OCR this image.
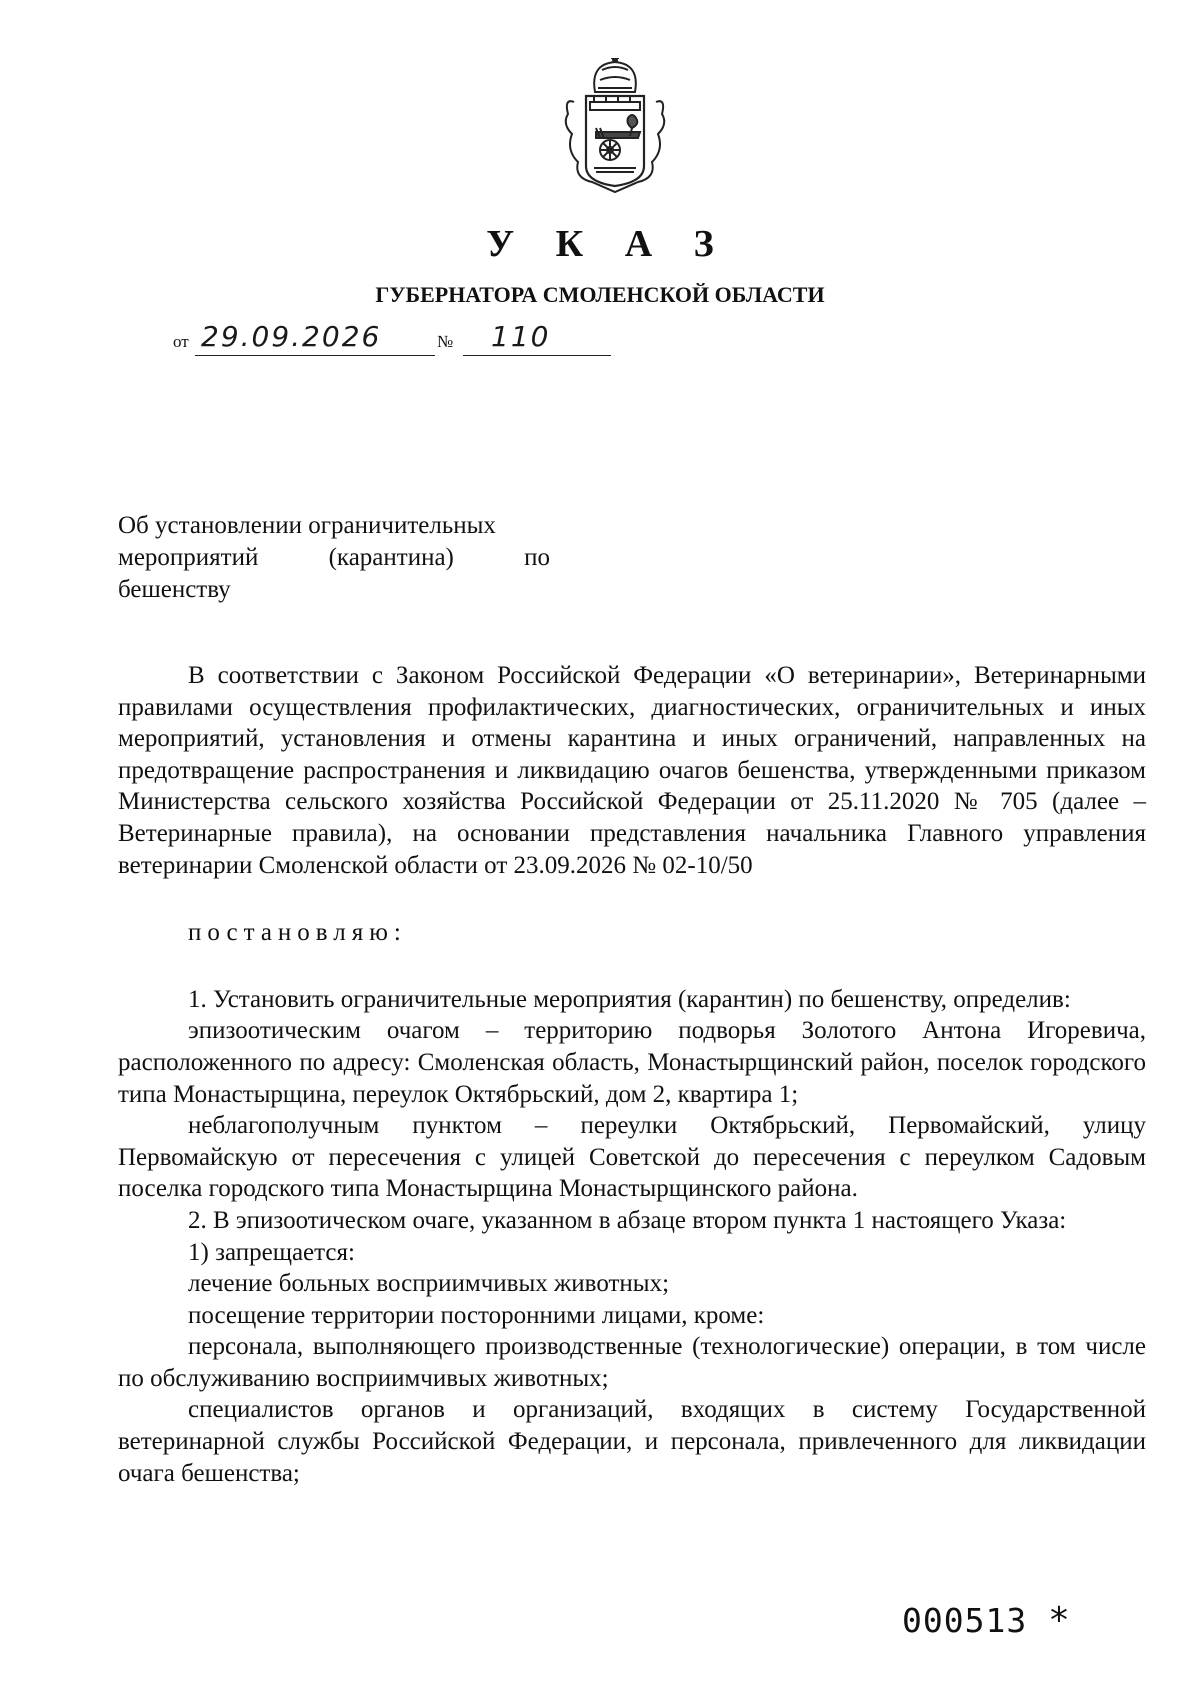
У К А З
ГУБЕРНАТОРА СМОЛЕНСКОЙ ОБЛАСТИ
от 29.09.2026	№ 110
Об установлении ограничительных
мероприятий (карантина) по
бешенству

В соответствии с Законом Российской Федерации «О ветеринарии», Ветеринарными правилами осуществления профилактических, диагностических, ограничительных и иных мероприятий, установления и отмены карантина и иных ограничений, направленных на предотвращение распространения и ликвидацию очагов бешенства, утвержденными приказом Министерства сельского хозяйства Российской Федерации от 25.11.2020 № 705 (далее – Ветеринарные правила), на основании представления начальника Главного управления ветеринарии Смоленской области от 23.09.2026 № 02-10/50

постановляю:

1. Установить ограничительные мероприятия (карантин) по бешенству, определив:

эпизоотическим очагом – территорию подворья Золотого Антона Игоревича, расположенного по адресу: Смоленская область, Монастырщинский район, поселок городского типа Монастырщина, переулок Октябрьский, дом 2, квартира 1;

неблагополучным пунктом – переулки Октябрьский, Первомайский, улицу Первомайскую от пересечения с улицей Советской до пересечения с переулком Садовым поселка городского типа Монастырщина Монастырщинского района.

2. В эпизоотическом очаге, указанном в абзаце втором пункта 1 настоящего Указа:

1) запрещается:

лечение больных восприимчивых животных;

посещение территории посторонними лицами, кроме:

персонала, выполняющего производственные (технологические) операции, в том числе по обслуживанию восприимчивых животных;

специалистов органов и организаций, входящих в систему Государственной ветеринарной службы Российской Федерации, и персонала, привлеченного для ликвидации очага бешенства;

000513 *
